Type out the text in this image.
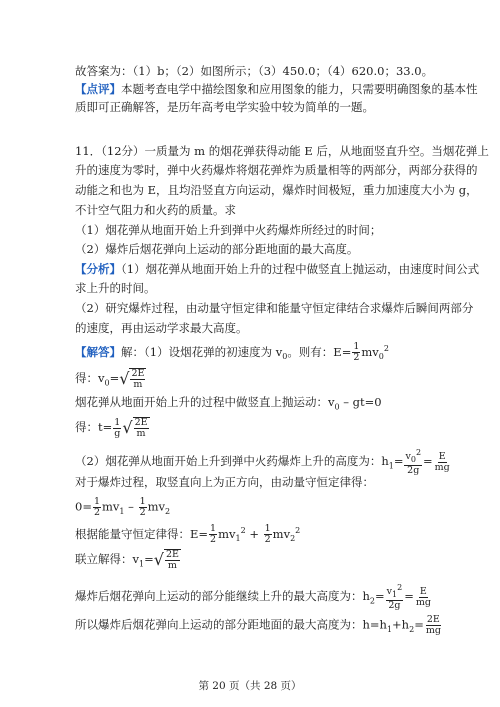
故答案为：（1）b；（2）如图所示；（3）450.0；（4）620.0；33.0。
【点评】本题考查电学中描绘图象和应用图象的能力，只需要明确图象的基本性
质即可正确解答，是历年高考电学实验中较为简单的一题。
11．（12分）一质量为 m 的烟花弹获得动能 E 后，从地面竖直升空。当烟花弹上
升的速度为零时，弹中火药爆炸将烟花弹炸为质量相等的两部分，两部分获得的
动能之和也为 E，且均沿竖直方向运动，爆炸时间极短，重力加速度大小为 g，
不计空气阻力和火药的质量。求
（1）烟花弹从地面开始上升到弹中火药爆炸所经过的时间；
（2）爆炸后烟花弹向上运动的部分距地面的最大高度。
【分析】（1）烟花弹从地面开始上升的过程中做竖直上抛运动，由速度时间公式
求上升的时间。
（2）研究爆炸过程，由动量守恒定律和能量守恒定律结合求爆炸后瞬间两部分
的速度，再由运动学求最大高度。
【解答】解：（1）设烟花弹的初速度为 $v_0$。则有：$E= \frac{1}{2} mv_0^2$
得：$v_0=$ √ $\frac{2E}{m}$
烟花弹从地面开始上升的过程中做竖直上抛运动：$v_0 - gt=0$
得：$t= \frac{1}{g}$ √ $\frac{2E}{m}$
（2）烟花弹从地面开始上升到弹中火药爆炸上升的高度为：$h_1= \frac{v_0^2}{2g} = \frac{E}{mg}$
对于爆炸过程，取竖直向上为正方向，由动量守恒定律得：
$0= \frac{1}{2} mv_1 - \frac{1}{2} mv_2$
根据能量守恒定律得：$E= \frac{1}{2} mv_1^2 + \frac{1}{2} mv_2^2$
联立解得：$v_1=$ √ $\frac{2E}{m}$
爆炸后烟花弹向上运动的部分能继续上升的最大高度为：$h_2= \frac{v_1^2}{2g} = \frac{E}{mg}$
所以爆炸后烟花弹向上运动的部分距地面的最大高度为：$h=h_1+h_2= \frac{2E}{mg}$
第 20 页（共 28 页）
